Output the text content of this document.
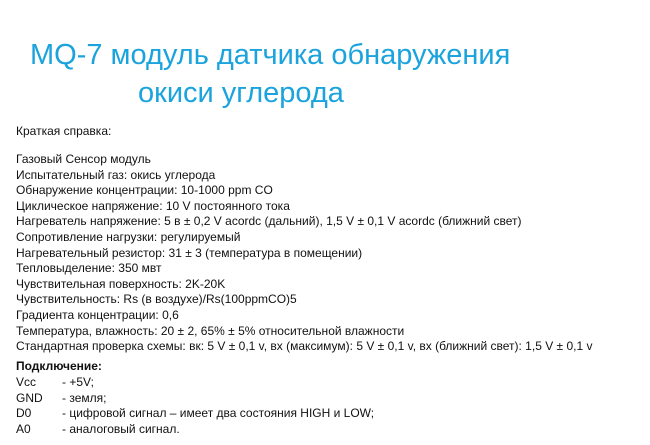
MQ-7 модуль датчика обнаружения
окиси углерода
Краткая справка:
Газовый Сенсор модуль
Испытательный газ: окись углерода
Обнаружение концентрации: 10-1000 ppm CO
Циклическое напряжение: 10 V постоянного тока
Нагреватель напряжение: 5 в ± 0,2 V acordc (дальний), 1,5 V ± 0,1 V acordc (ближний свет)
Сопротивление нагрузки: регулируемый
Нагревательный резистор: 31 ± 3 (температура в помещении)
Тепловыделение: 350 мвт
Чувствительная поверхность: 2K-20K
Чувствительность: Rs (в воздухе)/Rs(100ppmCO)5
Градиента концентрации: 0,6
Температура, влажность: 20 ± 2, 65% ± 5% относительной влажности
Стандартная проверка схемы: вк: 5 V ± 0,1 v, вх (максимум): 5 V ± 0,1 v, вх (ближний свет): 1,5 V ± 0,1 v
Подключение:
Vcc	- +5V;
GND	- земля;
D0	- цифровой сигнал – имеет два состояния HIGH и LOW;
A0	- аналоговый сигнал.
